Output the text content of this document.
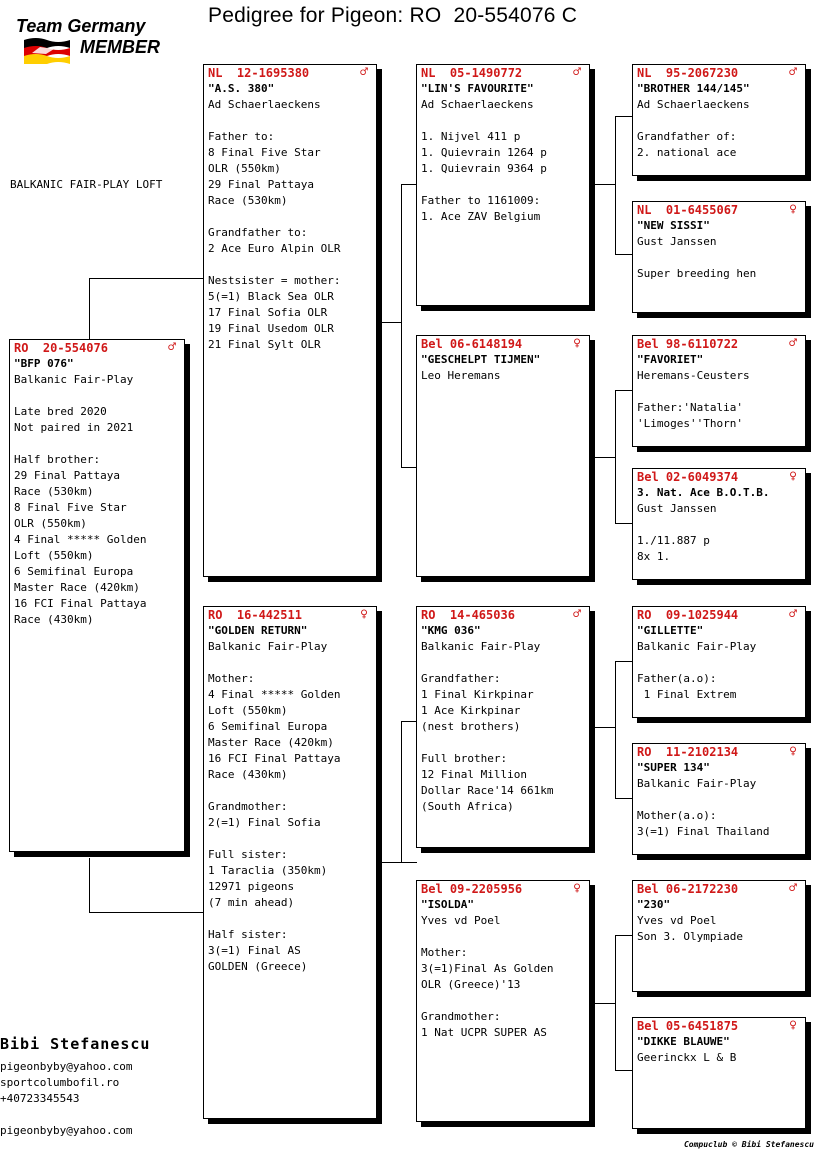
Pedigree for Pigeon: RO  20-554076 C
Team Germany
MEMBER
BALKANIC FAIR-PLAY LOFT
RO  20-554076	♂
"BFP 076"
Balkanic Fair-Play
Late bred 2020
Not paired in 2021
Half brother:
29 Final Pattaya
Race (530km)
8 Final Five Star
OLR (550km)
4 Final ***** Golden
Loft (550km)
6 Semifinal Europa
Master Race (420km)
16 FCI Final Pattaya
Race (430km)
NL  12-1695380	♂
"A.S. 380"
Ad Schaerlaeckens
Father to:
8 Final Five Star
OLR (550km)
29 Final Pattaya
Race (530km)
Grandfather to:
2 Ace Euro Alpin OLR
Nestsister = mother:
5(=1) Black Sea OLR
17 Final Sofia OLR
19 Final Usedom OLR
21 Final Sylt OLR
RO  16-442511	♀
"GOLDEN RETURN"
Balkanic Fair-Play
Mother:
4 Final ***** Golden
Loft (550km)
6 Semifinal Europa
Master Race (420km)
16 FCI Final Pattaya
Race (430km)
Grandmother:
2(=1) Final Sofia
Full sister:
1 Taraclia (350km)
12971 pigeons
(7 min ahead)
Half sister:
3(=1) Final AS
GOLDEN (Greece)
NL  05-1490772	♂
"LIN'S FAVOURITE"
Ad Schaerlaeckens
1. Nijvel 411 p
1. Quievrain 1264 p
1. Quievrain 9364 p
Father to 1161009:
1. Ace ZAV Belgium
Bel 06-6148194	♀
"GESCHELPT TIJMEN"
Leo Heremans
RO  14-465036	♂
"KMG 036"
Balkanic Fair-Play
Grandfather:
1 Final Kirkpinar
1 Ace Kirkpinar
(nest brothers)
Full brother:
12 Final Million
Dollar Race'14 661km
(South Africa)
Bel 09-2205956	♀
"ISOLDA"
Yves vd Poel
Mother:
3(=1)Final As Golden
OLR (Greece)'13
Grandmother:
1 Nat UCPR SUPER AS
NL  95-2067230	♂
"BROTHER 144/145"
Ad Schaerlaeckens
Grandfather of:
2. national ace
NL  01-6455067	♀
"NEW SISSI"
Gust Janssen
Super breeding hen
Bel 98-6110722	♂
"FAVORIET"
Heremans-Ceusters
Father:'Natalia'
'Limoges''Thorn'
Bel 02-6049374	♀
3. Nat. Ace B.O.T.B.
Gust Janssen
1./11.887 p
8x 1.
RO  09-1025944	♂
"GILLETTE"
Balkanic Fair-Play
Father(a.o):
1 Final Extrem
RO  11-2102134	♀
"SUPER 134"
Balkanic Fair-Play
Mother(a.o):
3(=1) Final Thailand
Bel 06-2172230	♂
"230"
Yves vd Poel
Son 3. Olympiade
Bel 05-6451875	♀
"DIKKE BLAUWE"
Geerinckx L & B
Bibi Stefanescu
pigeonbyby@yahoo.com
sportcolumbofil.ro
+40723345543
pigeonbyby@yahoo.com
Compuclub © Bibi Stefanescu
